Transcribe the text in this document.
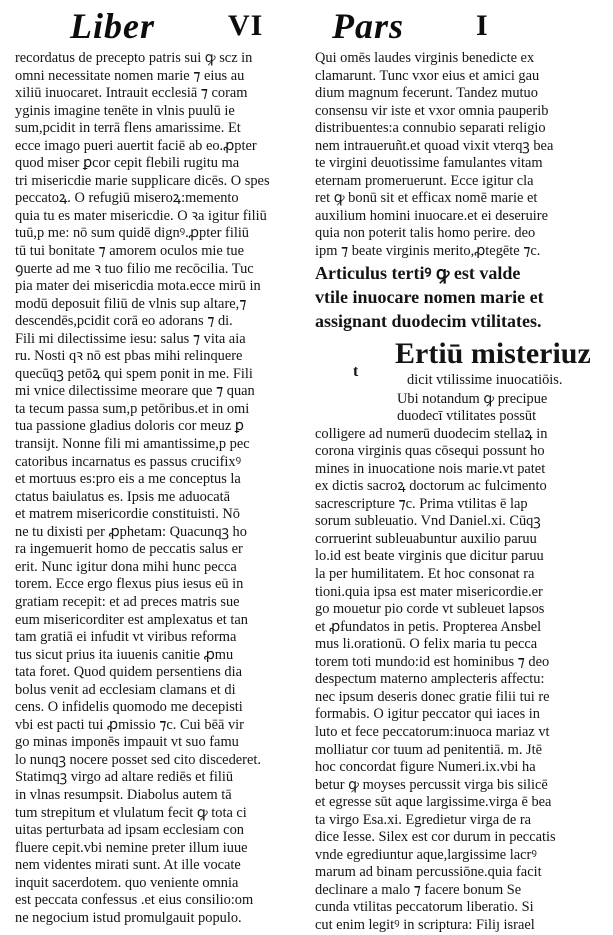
Liber VI Pars I
recordatus de precepto patris sui ꝙ scz in
omni necessitate nomen marie ⁊ eius au
xiliū inuocaret. Intrauit ecclesiā ⁊ coram
yginis imagine tenēte in vlnis puulū ie
sum,pcidit in terrā flens amarissime. Et
ecce imago pueri auertit faciē ab eo.ꝓpter
quod miser ꝑcor cepit flebili rugitu ma
tri misericdie marie supplicare dicēs. O spes
peccatoꝝ. O refugiū miseroꝝ:memento
quia tu es mater misericdie. O ꝛa igitur filiū
tuū,p me: nō sum quidē dignꝰ.ꝓpter filiū
tū tui bonitate ⁊ amorem oculos mie tue
ꝯuerte ad me ꝛ tuo filio me recōcilia. Tuc
pia mater dei misericdia mota.ecce mirū in
modū deposuit filiū de vlnis sup altare,⁊
descendēs,pcidit corā eo adorans ⁊ di.
Fili mi dilectissime iesu: salus ⁊ vita aia
ru. Nosti qꝛ nō est pbas mihi relinquere
quecūqꝫ petōꝝ qui spem ponit in me. Fili
mi vnice dilectissime meorare que ⁊ quan
ta tecum passa sum,p petōribus.et in omi
tua passione gladius doloris cor meuz ꝑ
transijt. Nonne fili mi amantissime,p pec
catoribus incarnatus es passus crucifixꝰ
et mortuus es:pro eis a me conceptus la
ctatus baiulatus es. Ipsis me aduocatā
et matrem misericordie constituisti. Nō
ne tu dixisti per ꝓphetam: Quacunqꝫ ho
ra ingemuerit homo de peccatis salus er
erit. Nunc igitur dona mihi hunc pecca
torem. Ecce ergo flexus pius iesus eū in
gratiam recepit: et ad preces matris sue
eum misericorditer est amplexatus et tan
tam gratiā ei infudit vt viribus reforma
tus sicut prius ita iuuenis canitie ꝓmu
tata foret. Quod quidem persentiens dia
bolus venit ad ecclesiam clamans et di
cens. O infidelis quomodo me decepisti
vbi est pacti tui ꝓmissio ⁊c. Cui bēā vir
go minas imponēs impauit vt suo famu
lo nunqꝫ nocere posset sed cito discederet.
Statimqꝫ virgo ad altare rediēs et filiū
in vlnas resumpsit. Diabolus autem tā
tum strepitum et vlulatum fecit ꝙ tota ci
uitas perturbata ad ipsam ecclesiam con
fluere cepit.vbi nemine preter illum iuue
nem videntes mirati sunt. At ille vocate
inquit sacerdotem. quo veniente omnia
est peccata confessus .et eius consilio:om
ne negocium istud promulgauit populo.
Qui omēs laudes virginis benedicte ex
clamarunt. Tunc vxor eius et amici gau
dium magnum fecerunt. Tandez mutuo
consensu vir iste et vxor omnia pauperib
distribuentes:a connubio separati religio
nem intraueruñt.et quoad vixit vterqꝫ bea
te virgini deuotissime famulantes vitam
eternam promeruerunt. Ecce igitur cla
ret ꝙ bonū sit et efficax nomē marie et
auxilium homini inuocare.et ei deseruire
quia non poterit talis homo perire. deo
ipm ⁊ beate virginis merito,ꝓtegēte ⁊c.
Articulus tertiꝰ ꝙ est valde
vtile inuocare nomen marie et
assignant duodecim vtilitates.
Ertiū misteriuz
t	dicit vtilissime inuocatiōis.
Ubi notandum ꝙ precipue
duodecī vtilitates possūt
colligere ad numerū duodecim stellaꝝ in
corona virginis quas cōsequi possunt ho
mines in inuocatione nois marie.vt patet
ex dictis sacroꝝ doctorum ac fulcimento
sacrescripture ⁊c. Prima vtilitas ē lap
sorum subleuatio. Vnd Daniel.xi. Cūqꝫ
corruerint subleuabuntur auxilio paruu
lo.id est beate virginis que dicitur paruu
la per humilitatem. Et hoc consonat ra
tioni.quia ipsa est mater misericordie.er
go mouetur pio corde vt subleuet lapsos
et ꝓfundatos in petis. Propterea Ansbel
mus li.orationū. O felix maria tu pecca
torem toti mundo:id est hominibus ⁊ deo
despectum materno amplecteris affectu:
nec ipsum deseris donec gratie filii tui re
formabis. O igitur peccator qui iaces in
luto et fece peccatorum:inuoca mariaz vt
molliatur cor tuum ad penitentiā. m. Jtē
hoc concordat figure Numeri.ix.vbi ha
betur ꝙ moyses percussit virga bis silicē
et egresse sūt aque largissime.virga ē bea
ta virgo Esa.xi. Egredietur virga de ra
dice Iesse. Silex est cor durum in peccatis
vnde egrediuntur aque,largissime lacrꝰ
marum ad binam percussiōne.quia facit
declinare a malo ⁊ facere bonum Se
cunda vtilitas peccatorum liberatio. Si
cut enim legitꝰ in scriptura: Filiȷ israel
